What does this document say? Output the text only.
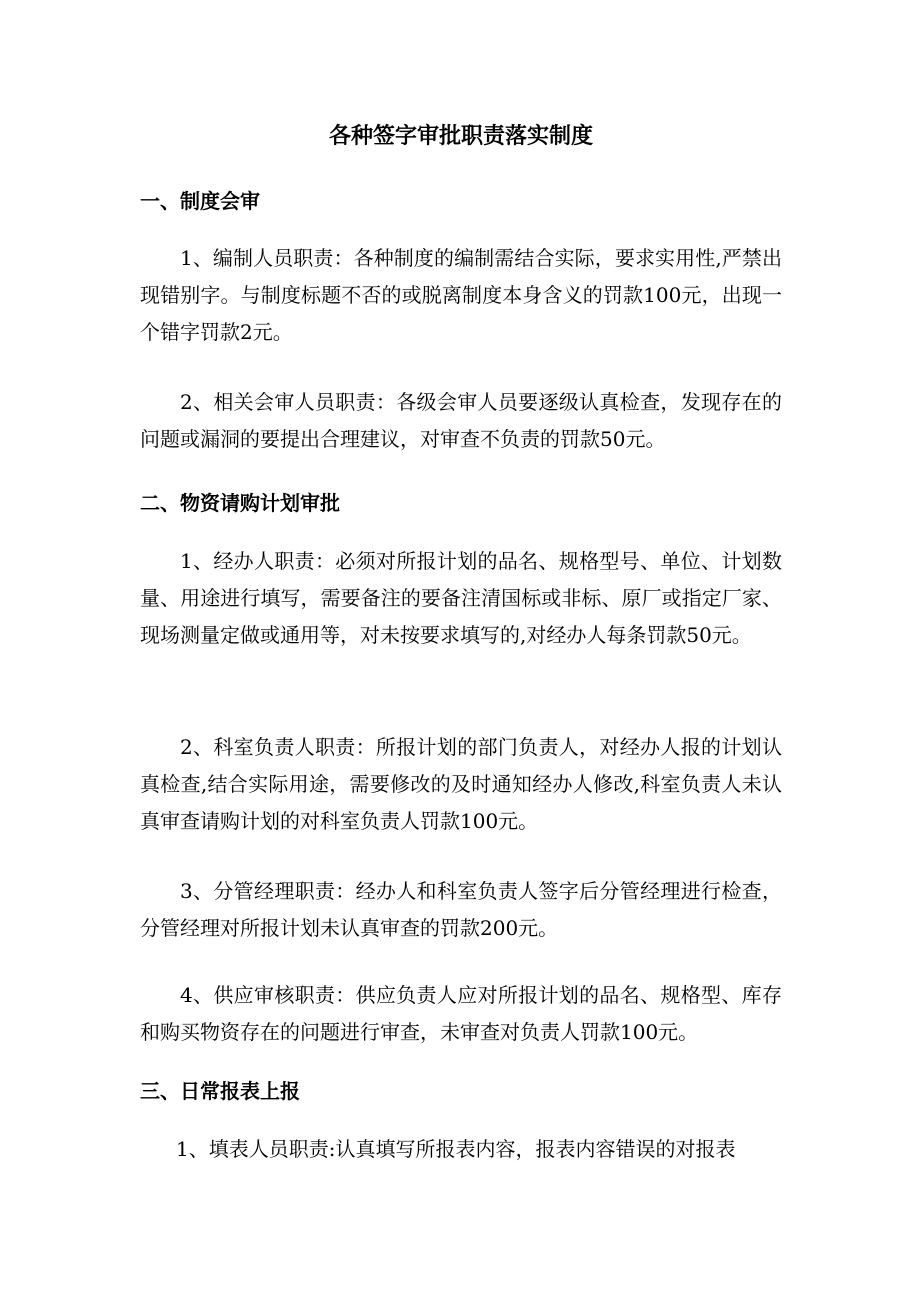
各种签字审批职责落实制度
一、制度会审

1、编制人员职责：各种制度的编制需结合实际，要求实用性,严禁出现错别字。与制度标题不否的或脱离制度本身含义的罚款100元，出现一个错字罚款2元。

2、相关会审人员职责：各级会审人员要逐级认真检查，发现存在的问题或漏洞的要提出合理建议，对审查不负责的罚款50元。

二、物资请购计划审批

1、经办人职责：必须对所报计划的品名、规格型号、单位、计划数量、用途进行填写，需要备注的要备注清国标或非标、原厂或指定厂家、现场测量定做或通用等，对未按要求填写的,对经办人每条罚款50元。

2、科室负责人职责：所报计划的部门负责人，对经办人报的计划认真检查,结合实际用途，需要修改的及时通知经办人修改,科室负责人未认真审查请购计划的对科室负责人罚款100元。

3、分管经理职责：经办人和科室负责人签字后分管经理进行检查，分管经理对所报计划未认真审查的罚款200元。

4、供应审核职责：供应负责人应对所报计划的品名、规格型、库存和购买物资存在的问题进行审查，未审查对负责人罚款100元。

三、日常报表上报

1、填表人员职责:认真填写所报表内容，报表内容错误的对报表
